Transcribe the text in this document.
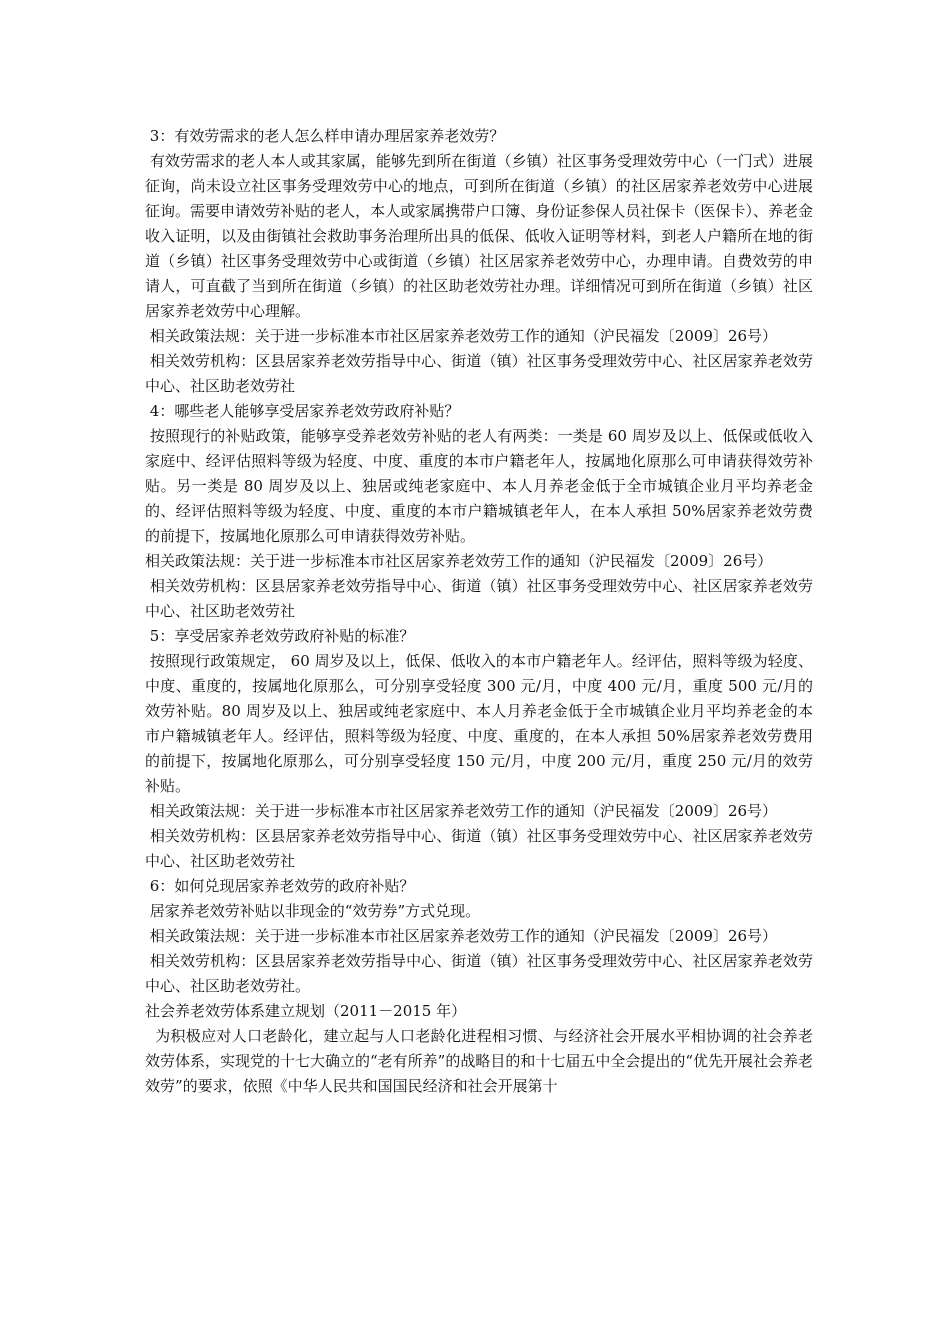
3：有效劳需求的老人怎么样申请办理居家养老效劳？

有效劳需求的老人本人或其家属，能够先到所在街道（乡镇）社区事务受理效劳中心（一门式）进展征询，尚未设立社区事务受理效劳中心的地点，可到所在街道（乡镇）的社区居家养老效劳中心进展征询。需要申请效劳补贴的老人，本人或家属携带户口簿、身份证参保人员社保卡（医保卡）、养老金收入证明，以及由街镇社会救助事务治理所出具的低保、低收入证明等材料，到老人户籍所在地的街道（乡镇）社区事务受理效劳中心或街道（乡镇）社区居家养老效劳中心，办理申请。自费效劳的申请人，可直截了当到所在街道（乡镇）的社区助老效劳社办理。详细情况可到所在街道（乡镇）社区居家养老效劳中心理解。

相关政策法规：关于进一步标准本市社区居家养老效劳工作的通知（沪民福发〔2009〕26号）

相关效劳机构：区县居家养老效劳指导中心、街道（镇）社区事务受理效劳中心、社区居家养老效劳中心、社区助老效劳社

4：哪些老人能够享受居家养老效劳政府补贴？

按照现行的补贴政策，能够享受养老效劳补贴的老人有两类：一类是 60 周岁及以上、低保或低收入家庭中、经评估照料等级为轻度、中度、重度的本市户籍老年人，按属地化原那么可申请获得效劳补贴。另一类是 80 周岁及以上、独居或纯老家庭中、本人月养老金低于全市城镇企业月平均养老金的、经评估照料等级为轻度、中度、重度的本市户籍城镇老年人，在本人承担 50%居家养老效劳费的前提下，按属地化原那么可申请获得效劳补贴。

相关政策法规：关于进一步标准本市社区居家养老效劳工作的通知（沪民福发〔2009〕26号）

相关效劳机构：区县居家养老效劳指导中心、街道（镇）社区事务受理效劳中心、社区居家养老效劳中心、社区助老效劳社

5：享受居家养老效劳政府补贴的标准？

按照现行政策规定， 60 周岁及以上，低保、低收入的本市户籍老年人。经评估，照料等级为轻度、中度、重度的，按属地化原那么，可分别享受轻度 300 元/月，中度 400 元/月，重度 500 元/月的效劳补贴。80 周岁及以上、独居或纯老家庭中、本人月养老金低于全市城镇企业月平均养老金的本市户籍城镇老年人。经评估，照料等级为轻度、中度、重度的，在本人承担 50%居家养老效劳费用的前提下，按属地化原那么，可分别享受轻度 150 元/月，中度 200 元/月，重度 250 元/月的效劳补贴。

相关政策法规：关于进一步标准本市社区居家养老效劳工作的通知（沪民福发〔2009〕26号）

相关效劳机构：区县居家养老效劳指导中心、街道（镇）社区事务受理效劳中心、社区居家养老效劳中心、社区助老效劳社

6：如何兑现居家养老效劳的政府补贴？

居家养老效劳补贴以非现金的“效劳券”方式兑现。

相关政策法规：关于进一步标准本市社区居家养老效劳工作的通知（沪民福发〔2009〕26号）

相关效劳机构：区县居家养老效劳指导中心、街道（镇）社区事务受理效劳中心、社区居家养老效劳中心、社区助老效劳社。

社会养老效劳体系建立规划（2011－2015 年）

为积极应对人口老龄化，建立起与人口老龄化进程相习惯、与经济社会开展水平相协调的社会养老效劳体系，实现党的十七大确立的“老有所养”的战略目的和十七届五中全会提出的“优先开展社会养老效劳”的要求，依照《中华人民共和国国民经济和社会开展第十
